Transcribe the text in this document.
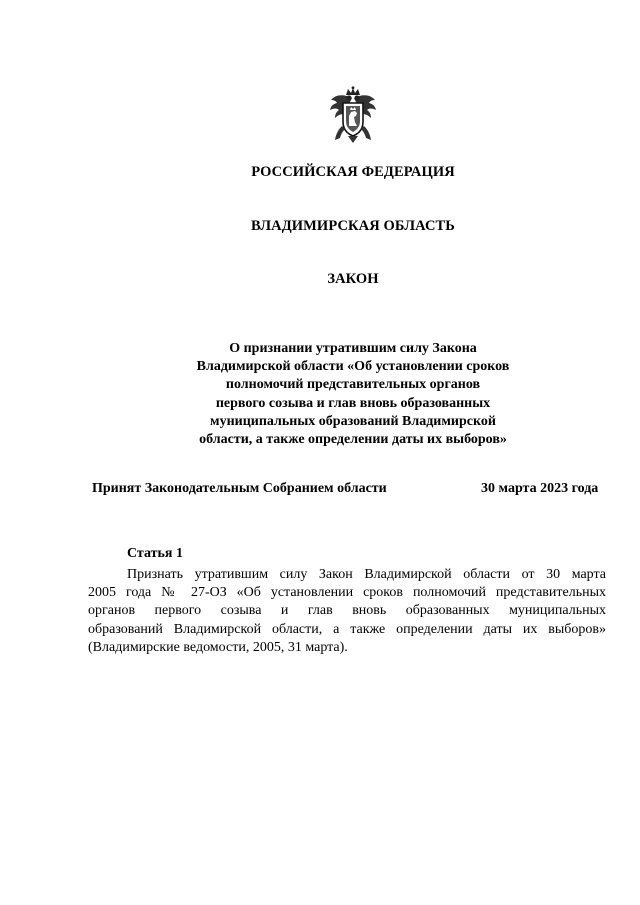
РОССИЙСКАЯ ФЕДЕРАЦИЯ
ВЛАДИМИРСКАЯ ОБЛАСТЬ
ЗАКОН
О признании утратившим силу Закона
Владимирской области «Об установлении сроков
полномочий представительных органов
первого созыва и глав вновь образованных
муниципальных образований Владимирской
области, а также определении даты их выборов»
Принят Законодательным Собранием области	30 марта 2023 года
Статья 1
Признать утратившим силу Закон Владимирской области от 30 марта
2005 года № 27-ОЗ «Об установлении сроков полномочий представительных
органов первого созыва и глав вновь образованных муниципальных
образований Владимирской области, а также определении даты их выборов»
(Владимирские ведомости, 2005, 31 марта).
